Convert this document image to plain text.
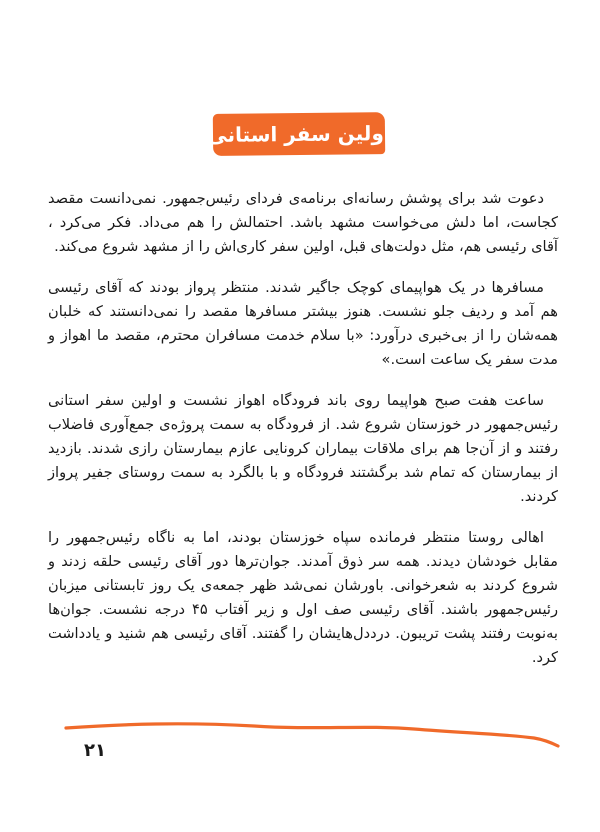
اولین سفر استانی

دعوت شد برای پوشش رسانه‌ای برنامه‌ی فردای رئیس‌جمهور. نمی‌دانست مقصد کجاست، اما دلش می‌خواست مشهد باشد. احتمالش را هم می‌داد. فکر می‌کرد ، آقای رئیسی هم، مثل دولت‌های قبل، اولین سفر کاری‌اش را از مشهد شروع می‌کند.

مسافرها در یک هواپیمای کوچک جاگیر شدند. منتظر پرواز بودند که آقای رئیسی هم آمد و ردیف جلو نشست. هنوز بیشتر مسافرها مقصد را نمی‌دانستند که خلبان همه‌شان را از بی‌خبری درآورد: «با سلام خدمت مسافران محترم، مقصد ما اهواز و مدت سفر یک ساعت است.»

ساعت هفت صبح هواپیما روی باند فرودگاه اهواز نشست و اولین سفر استانی رئیس‌جمهور در خوزستان شروع شد. از فرودگاه به سمت پروژه‌ی جمع‌آوری فاضلاب رفتند و از آن‌جا هم برای ملاقات بیماران کرونایی عازم بیمارستان رازی شدند. بازدید از بیمارستان که تمام شد برگشتند فرودگاه و با بالگرد به سمت روستای جفیر پرواز کردند.

اهالی روستا منتظر فرمانده سپاه خوزستان بودند، اما به ناگاه رئیس‌جمهور را مقابل خودشان دیدند. همه سر ذوق آمدند. جوان‌ترها دور آقای رئیسی حلقه زدند و شروع کردند به شعرخوانی. باورشان نمی‌شد ظهر جمعه‌ی یک روز تابستانی میزبان رئیس‌جمهور باشند. آقای رئیسی صف اول و زیر آفتاب ۴۵ درجه نشست. جوان‌ها به‌نوبت رفتند پشت تریبون. درددل‌هایشان را گفتند. آقای رئیسی هم شنید و یادداشت کرد.

۲۱
